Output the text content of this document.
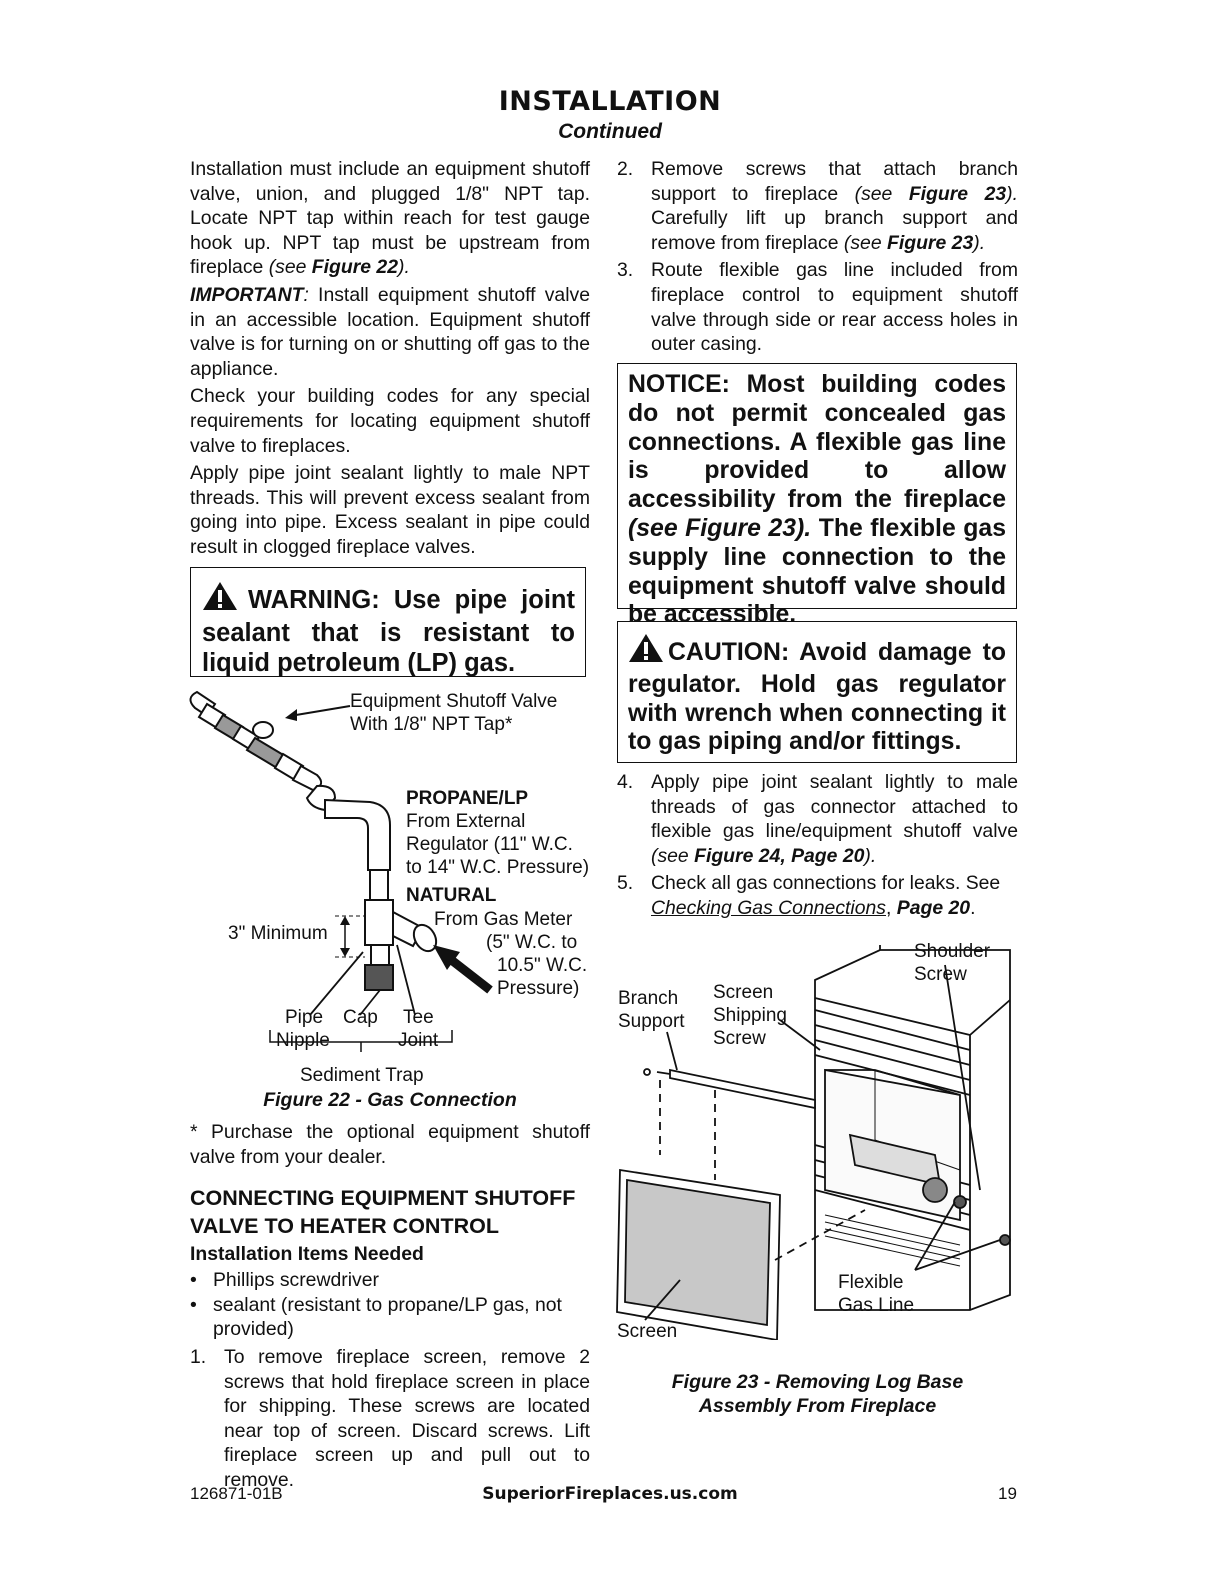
INSTALLATION
Continued

Installation must include an equipment shutoff valve, union, and plugged 1/8" NPT tap. Locate NPT tap within reach for test gauge hook up. NPT tap must be upstream from fireplace (see Figure 22).

IMPORTANT: Install equipment shutoff valve in an accessible location. Equipment shutoff valve is for turning on or shutting off gas to the appliance.

Check your building codes for any special requirements for locating equipment shutoff valve to fireplaces.

Apply pipe joint sealant lightly to male NPT threads. This will prevent excess sealant from going into pipe. Excess sealant in pipe could result in clogged fireplace valves.

WARNING: Use pipe joint sealant that is resistant to liquid petroleum (LP) gas.
Equipment Shutoff Valve
With 1/8" NPT Tap*
PROPANE/LP
From External
Regulator (11" W.C.
to 14" W.C. Pressure)
NATURAL
From Gas Meter
(5" W.C. to
10.5" W.C.
Pressure)
3" Minimum
Pipe
Nipple
Cap Tee
Joint
Sediment Trap
Figure 22 - Gas Connection
* Purchase the optional equipment shutoff valve from your dealer.
CONNECTING EQUIPMENT SHUTOFF VALVE TO HEATER CONTROL
Installation Items Needed
• Phillips screwdriver
• sealant (resistant to propane/LP gas, not provided)
1. To remove fireplace screen, remove 2 screws that hold fireplace screen in place for shipping. These screws are located near top of screen. Discard screws. Lift fireplace screen up and pull out to remove.
2. Remove screws that attach branch support to fireplace (see Figure 23). Carefully lift up branch support and remove from fireplace (see Figure 23).
3. Route flexible gas line included from fireplace control to equipment shutoff valve through side or rear access holes in outer casing.
NOTICE: Most building codes do not permit concealed gas connections. A flexible gas line is provided to allow accessibility from the fireplace (see Figure 23). The flexible gas supply line connection to the equipment shutoff valve should be accessible.
CAUTION: Avoid damage to regulator. Hold gas regulator with wrench when connecting it to gas piping and/or fittings.
4. Apply pipe joint sealant lightly to male threads of gas connector attached to flexible gas line/equipment shutoff valve (see Figure 24, Page 20).
5. Check all gas connections for leaks. See Checking Gas Connections, Page 20.
Shoulder
Screw
Branch
Support
Screen
Shipping
Screw
Flexible
Gas Line
Screen
Figure 23 - Removing Log Base
Assembly From Fireplace
126871-01B	SuperiorFireplaces.us.com	19
